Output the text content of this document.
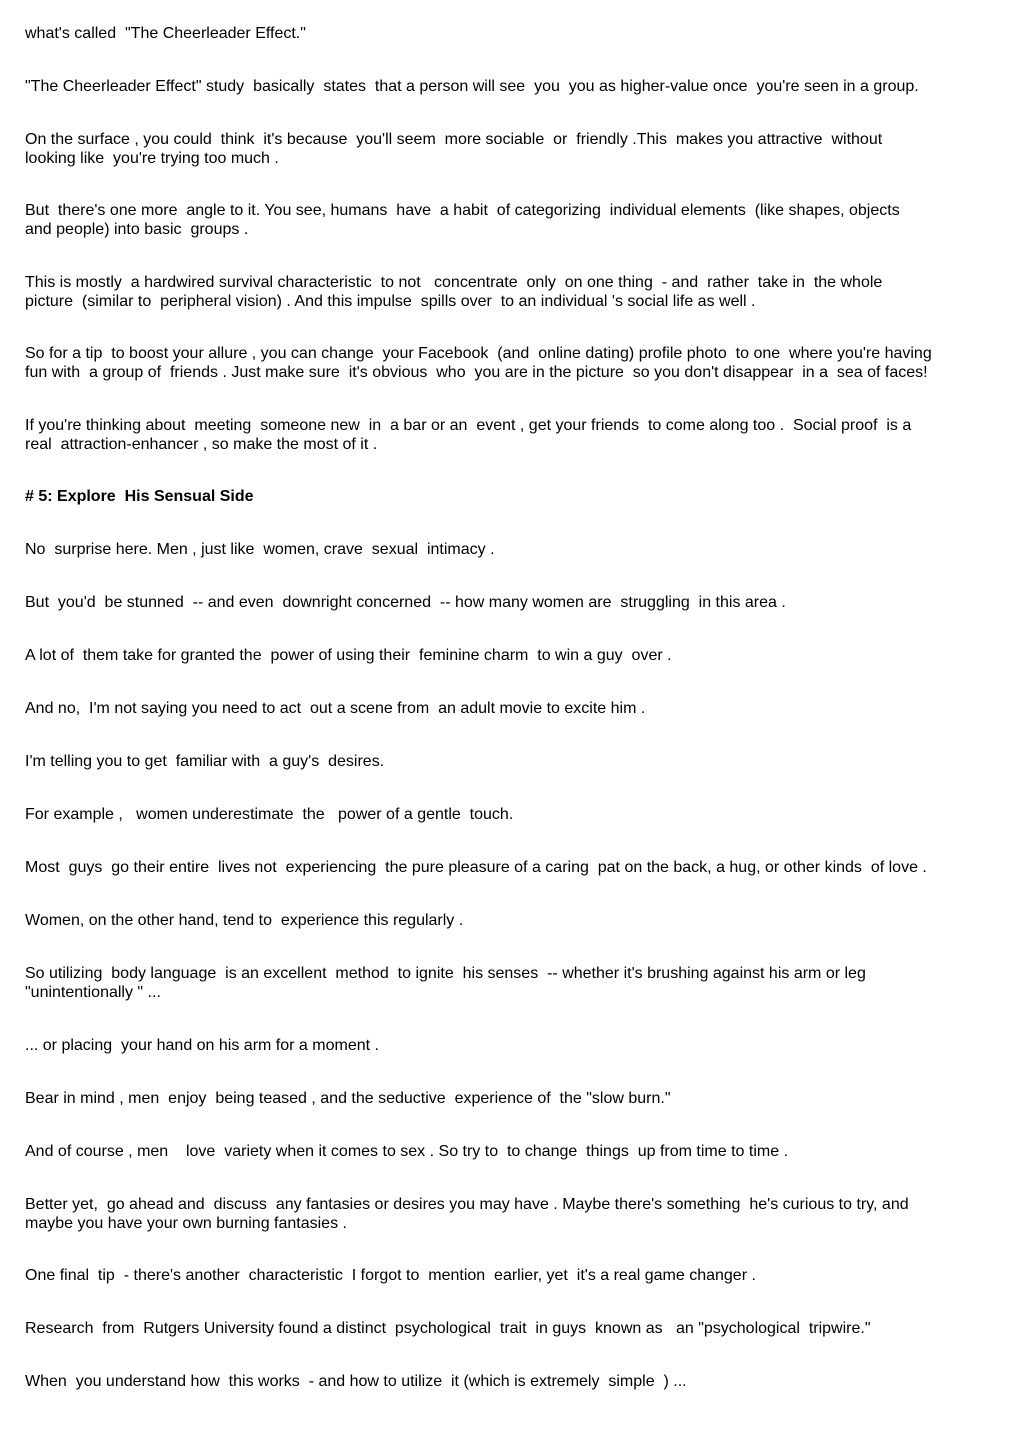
what's called  "The Cheerleader Effect."

"The Cheerleader Effect" study  basically  states  that a person will see  you  you as higher-value once  you're seen in a group.

On the surface , you could  think  it's because  you'll seem  more sociable  or  friendly .This  makes you attractive  without
looking like  you're trying too much .

But  there's one more  angle to it. You see, humans  have  a habit  of categorizing  individual elements  (like shapes, objects
and people) into basic  groups .

This is mostly  a hardwired survival characteristic  to not   concentrate  only  on one thing  - and  rather  take in  the whole
picture  (similar to  peripheral vision) . And this impulse  spills over  to an individual 's social life as well .

So for a tip  to boost your allure , you can change  your Facebook  (and  online dating) profile photo  to one  where you're having
fun with  a group of  friends . Just make sure  it's obvious  who  you are in the picture  so you don't disappear  in a  sea of faces!

If you're thinking about  meeting  someone new  in  a bar or an  event , get your friends  to come along too .  Social proof  is a
real  attraction-enhancer , so make the most of it .

# 5: Explore  His Sensual Side

No  surprise here. Men , just like  women, crave  sexual  intimacy .

But  you'd  be stunned  -- and even  downright concerned  -- how many women are  struggling  in this area .

A lot of  them take for granted the  power of using their  feminine charm  to win a guy  over .

And no,  I'm not saying you need to act  out a scene from  an adult movie to excite him .

I'm telling you to get  familiar with  a guy's  desires.

For example ,   women underestimate  the   power of a gentle  touch.

Most  guys  go their entire  lives not  experiencing  the pure pleasure of a caring  pat on the back, a hug, or other kinds  of love .

Women, on the other hand, tend to  experience this regularly .

So utilizing  body language  is an excellent  method  to ignite  his senses  -- whether it's brushing against his arm or leg
"unintentionally " ...

... or placing  your hand on his arm for a moment .

Bear in mind , men  enjoy  being teased , and the seductive  experience of  the "slow burn."

And of course , men    love  variety when it comes to sex . So try to  to change  things  up from time to time .

Better yet,  go ahead and  discuss  any fantasies or desires you may have . Maybe there's something  he's curious to try, and
maybe you have your own burning fantasies .

One final  tip  - there's another  characteristic  I forgot to  mention  earlier, yet  it's a real game changer .

Research  from  Rutgers University found a distinct  psychological  trait  in guys  known as   an "psychological  tripwire."

When  you understand how  this works  - and how to utilize  it (which is extremely  simple  ) ...
